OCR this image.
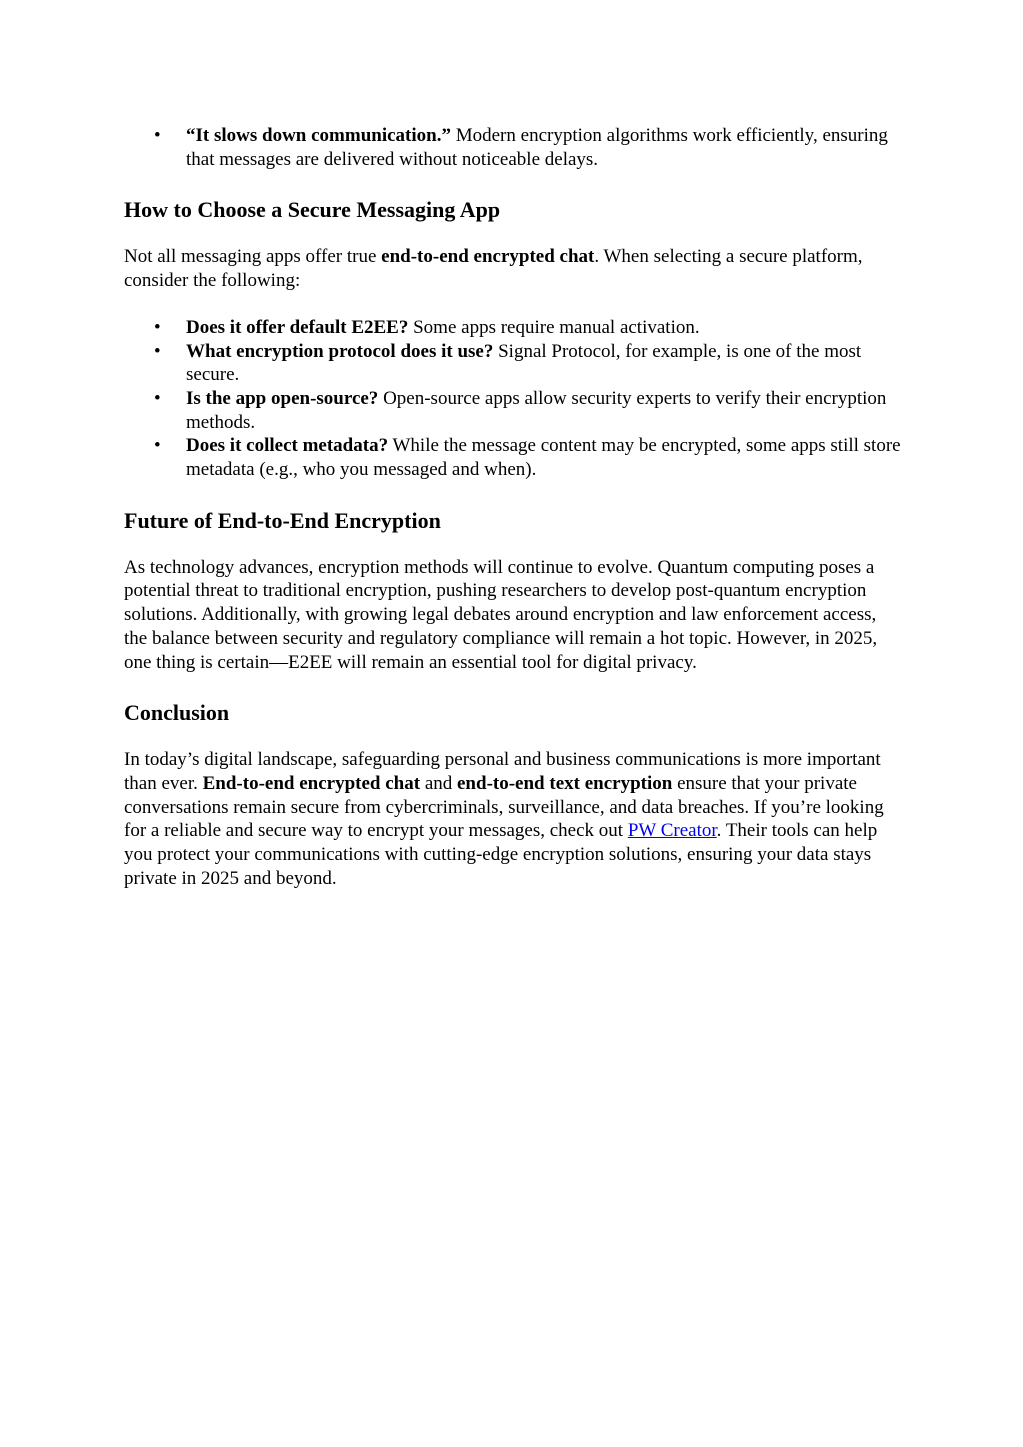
• “It slows down communication.” Modern encryption algorithms work efficiently, ensuring that messages are delivered without noticeable delays.
How to Choose a Secure Messaging App

Not all messaging apps offer true end-to-end encrypted chat. When selecting a secure platform, consider the following:

• Does it offer default E2EE? Some apps require manual activation.
• What encryption protocol does it use? Signal Protocol, for example, is one of the most secure.
• Is the app open-source? Open-source apps allow security experts to verify their encryption methods.
• Does it collect metadata? While the message content may be encrypted, some apps still store metadata (e.g., who you messaged and when).
Future of End-to-End Encryption

As technology advances, encryption methods will continue to evolve. Quantum computing poses a potential threat to traditional encryption, pushing researchers to develop post-quantum encryption solutions. Additionally, with growing legal debates around encryption and law enforcement access, the balance between security and regulatory compliance will remain a hot topic. However, in 2025, one thing is certain—E2EE will remain an essential tool for digital privacy.

Conclusion

In today’s digital landscape, safeguarding personal and business communications is more important than ever. End-to-end encrypted chat and end-to-end text encryption ensure that your private conversations remain secure from cybercriminals, surveillance, and data breaches. If you’re looking for a reliable and secure way to encrypt your messages, check out PW Creator. Their tools can help you protect your communications with cutting-edge encryption solutions, ensuring your data stays private in 2025 and beyond.
